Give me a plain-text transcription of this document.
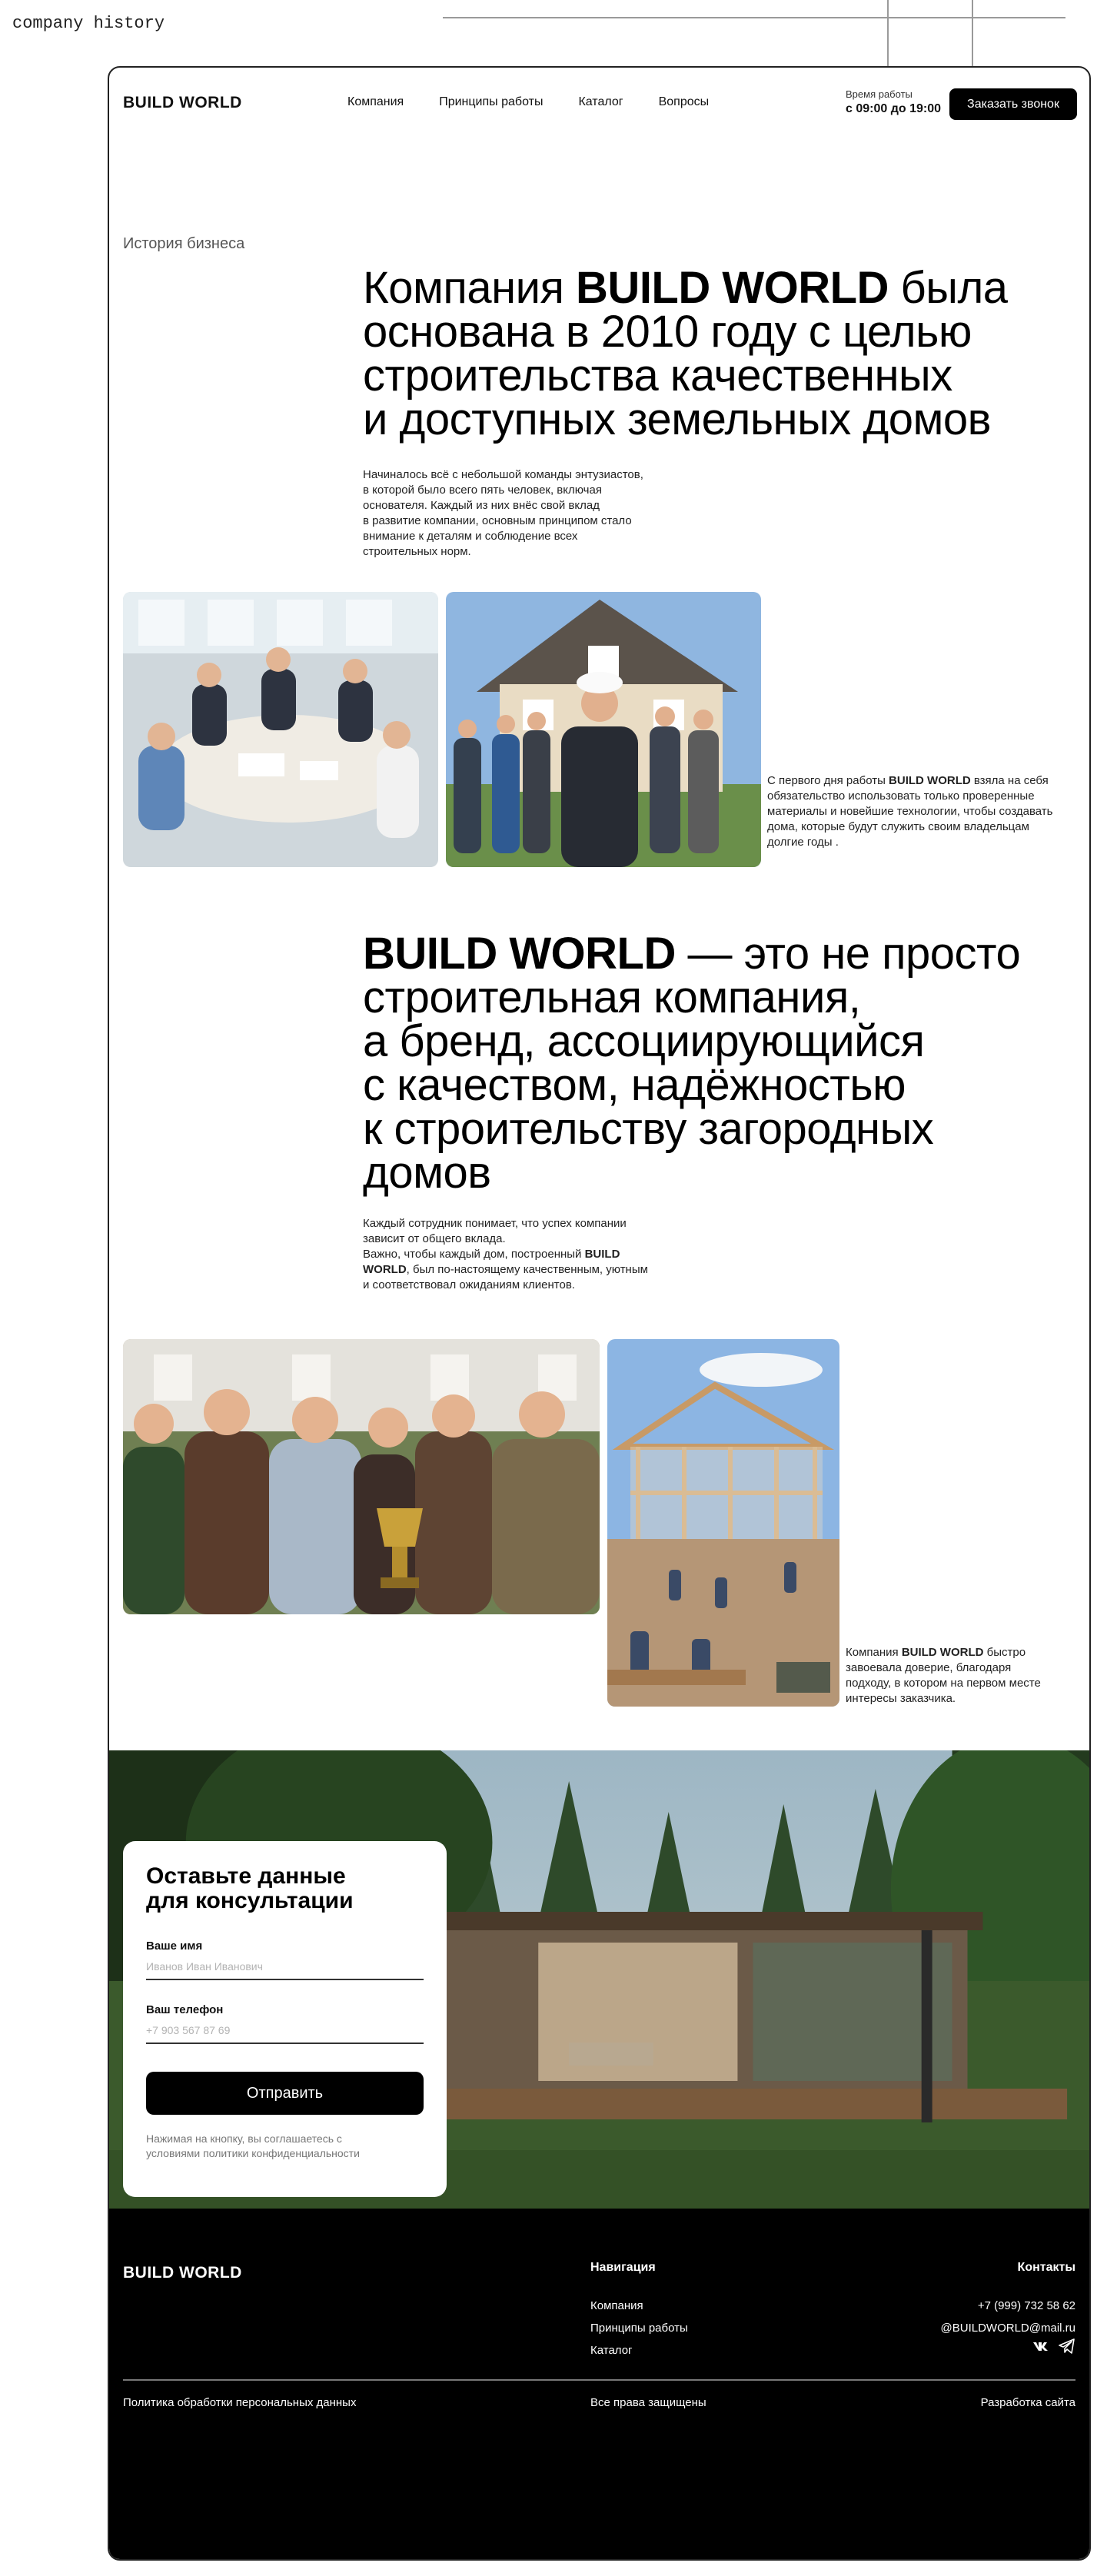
company history
BUILD WORLD	Компания	Принципы работы	Каталог	Вопросы
Время работы
с 09:00 до 19:00	Заказать звонок
История бизнеса
Компания BUILD WORLD была
основана в 2010 году с целью
строительства качественных
и доступных земельных домов
Начиналось всё с небольшой команды энтузиастов,
в которой было всего пять человек, включая
основателя. Каждый из них внёс свой вклад
в развитие компании, основным принципом стало
внимание к деталям и соблюдение всех
строительных норм.
С первого дня работы BUILD WORLD взяла на себя
обязательство использовать только проверенные
материалы и новейшие технологии, чтобы создавать
дома, которые будут служить своим владельцам
долгие годы .
BUILD WORLD — это не просто
строительная компания,
а бренд, ассоциирующийся
с качеством, надёжностью
к строительству загородных
домов
Каждый сотрудник понимает, что успех компании
зависит от общего вклада.
Важно, чтобы каждый дом, построенный BUILD
WORLD, был по-настоящему качественным, уютным
и соответствовал ожиданиям клиентов.
Компания BUILD WORLD быстро
завоевала доверие, благодаря
подходу, в котором на первом месте
интересы заказчика.
Оставьте данные
для консультации
Ваше имя
Иванов Иван Иванович
Ваш телефон
+7 903 567 87 69
Отправить
Нажимая на кнопку, вы соглашаетесь с
условиями политики конфиденциальности
BUILD WORLD	Навигация
Компания
Принципы работы
Каталог
Контакты
+7 (999) 732 58 62
@BUILDWORLD@mail.ru
Политика обработки персональных данных	Все права защищены	Разработка сайта
